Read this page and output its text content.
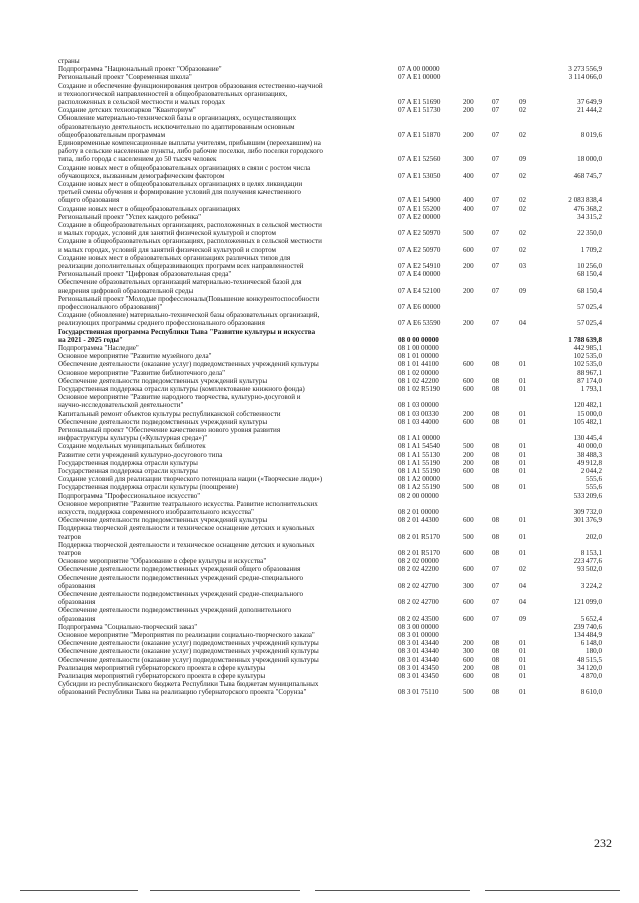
страны
Подпрограмма "Национальный проект "Образование"	07 A 00 00000	3 273 556,9
Региональный проект "Современная школа"	07 A E1 00000	3 114 066,0
Создание и обеспечение функционирования центров образования естественно-научной
и технологической направленностей в общеобразовательных организациях,
расположенных в сельской местности и малых городах	07 A E1 51690	200	07	09	37 649,9
Создание детских технопарков "Кванториум"	07 A E1 51730	200	07	02	21 444,2
Обновление материально-технической базы в организациях, осуществляющих
образовательную деятельность исключительно по адаптированным основным
общеобразовательным программам	07 A E1 51870	200	07	02	8 019,6
Единовременные компенсационные выплаты учителям, прибывшим (переехавшим) на
работу в сельские населенные пункты, либо рабочие поселки, либо поселки городского
типа, либо города с населением до 50 тысяч человек	07 A E1 52560	300	07	09	18 000,0
Создание новых мест в общеобразовательных организациях в связи с ростом числа
обучающихся, вызванным демографическим фактором	07 A E1 53050	400	07	02	468 745,7
Создание новых мест в общеобразовательных организациях в целях ликвидации
третьей смены обучения и формирование условий для получения качественного
общего образования	07 A E1 54900	400	07	02	2 083 838,4
Создание новых мест в общеобразовательных организациях	07 A E1 55200	400	07	02	476 368,2
Региональный проект "Успех каждого ребенка"	07 A E2 00000	34 315,2
Создание в общеобразовательных организациях, расположенных в сельской местности
и малых городах, условий для занятий физической культурой и спортом	07 A E2 50970	500	07	02	22 350,0
Создание в общеобразовательных организациях, расположенных в сельской местности
и малых городах, условий для занятий физической культурой и спортом	07 A E2 50970	600	07	02	1 709,2
Создание новых мест в образовательных организациях различных типов для
реализации дополнительных общеразвивающих программ всех направленностей	07 A E2 54910	200	07	03	10 256,0
Региональный проект "Цифровая образовательная среда"	07 A E4 00000	68 150,4
Обеспечение образовательных организаций материально-технической базой для
внедрения цифровой образовательной среды	07 A E4 52100	200	07	09	68 150,4
Региональный проект "Молодые профессионалы(Повышение конкурентоспособности
профессионального образования)"	07 A E6 00000	57 025,4
Создание (обновление) материально-технической базы образовательных организаций,
реализующих программы среднего профессионального образования	07 A E6 53590	200	07	04	57 025,4
Государственная программа Республики Тыва "Развитие культуры и искусства
на 2021 - 2025 годы"	08 0 00 00000	1 788 639,8
Подпрограмма "Наследие"	08 1 00 00000	442 985,1
Основное мероприятие "Развитие музейного дела"	08 1 01 00000	102 535,0
Обеспечение деятельности (оказание услуг) подведомственных учреждений культуры	08 1 01 44100	600	08	01	102 535,0
Основное мероприятие "Развитие библиотечного дела"	08 1 02 00000	88 967,1
Обеспечение деятельности подведомственных учреждений культуры	08 1 02 42200	600	08	01	87 174,0
Государственная поддержка отрасли культуры (комплектование книжного фонда)	08 1 02 R5190	600	08	01	1 793,1
Основное мероприятие "Развитие народного творчества, культурно-досуговой и
научно-исследовательской деятельности"	08 1 03 00000	120 482,1
Капитальный ремонт объектов культуры республиканской собственности	08 1 03 00330	200	08	01	15 000,0
Обеспечение деятельности подведомственных учреждений культуры	08 1 03 44000	600	08	01	105 482,1
Региональный проект "Обеспечение качественно нового уровня развития
инфраструктуры культуры («Культурная среда»)"	08 1 A1 00000	130 445,4
Создание модельных муниципальных библиотек	08 1 A1 54540	500	08	01	40 000,0
Развитие сети учреждений культурно-досугового типа	08 1 A1 55130	200	08	01	38 488,3
Государственная поддержка отрасли культуры	08 1 A1 55190	200	08	01	49 912,8
Государственная поддержка отрасли культуры	08 1 A1 55190	600	08	01	2 044,2
Создание условий для реализации творческого потенциала нации («Творческие люди»)	08 1 A2 00000	555,6
Государственная поддержка отрасли культуры (поощрение)	08 1 A2 55190	500	08	01	555,6
Подпрограмма "Профессиональное искусство"	08 2 00 00000	533 209,6
Основное мероприятие "Развитие театрального искусства. Развитие исполнительских
искусств, поддержка современного изобразительного искусства"	08 2 01 00000	309 732,0
Обеспечение деятельности подведомственных учреждений культуры	08 2 01 44300	600	08	01	301 376,9
Поддержка творческой деятельности и техническое оснащение детских и кукольных
театров	08 2 01 R5170	500	08	01	202,0
Поддержка творческой деятельности и техническое оснащение детских и кукольных
театров	08 2 01 R5170	600	08	01	8 153,1
Основное мероприятие "Образование в сфере культуры и искусства"	08 2 02 00000	223 477,6
Обеспечение деятельности подведомственных учреждений общего образования	08 2 02 42200	600	07	02	93 502,0
Обеспечение деятельности подведомственных учреждений средне-специального
образования	08 2 02 42700	300	07	04	3 224,2
Обеспечение деятельности подведомственных учреждений средне-специального
образования	08 2 02 42700	600	07	04	121 099,0
Обеспечение деятельности подведомственных учреждений дополнительного
образования	08 2 02 43500	600	07	09	5 652,4
Подпрограмма "Социально-творческий заказ"	08 3 00 00000	239 740,6
Основное мероприятие "Мероприятия по реализации социально-творческого заказа"	08 3 01 00000	134 484,9
Обеспечение деятельности (оказание услуг) подведомственных учреждений культуры	08 3 01 43440	200	08	01	6 148,0
Обеспечение деятельности (оказание услуг) подведомственных учреждений культуры	08 3 01 43440	300	08	01	180,0
Обеспечение деятельности (оказание услуг) подведомственных учреждений культуры	08 3 01 43440	600	08	01	48 515,5
Реализация мероприятий губернаторского проекта в сфере культуры	08 3 01 43450	200	08	01	34 120,0
Реализация мероприятий губернаторского проекта в сфере культуры	08 3 01 43450	600	08	01	4 870,0
Субсидии из республиканского бюджета Республики Тыва бюджетам муниципальных
образований Республики Тыва на реализацию губернаторского проекта "Сорунза"	08 3 01 75110	500	08	01	8 610,0
232
